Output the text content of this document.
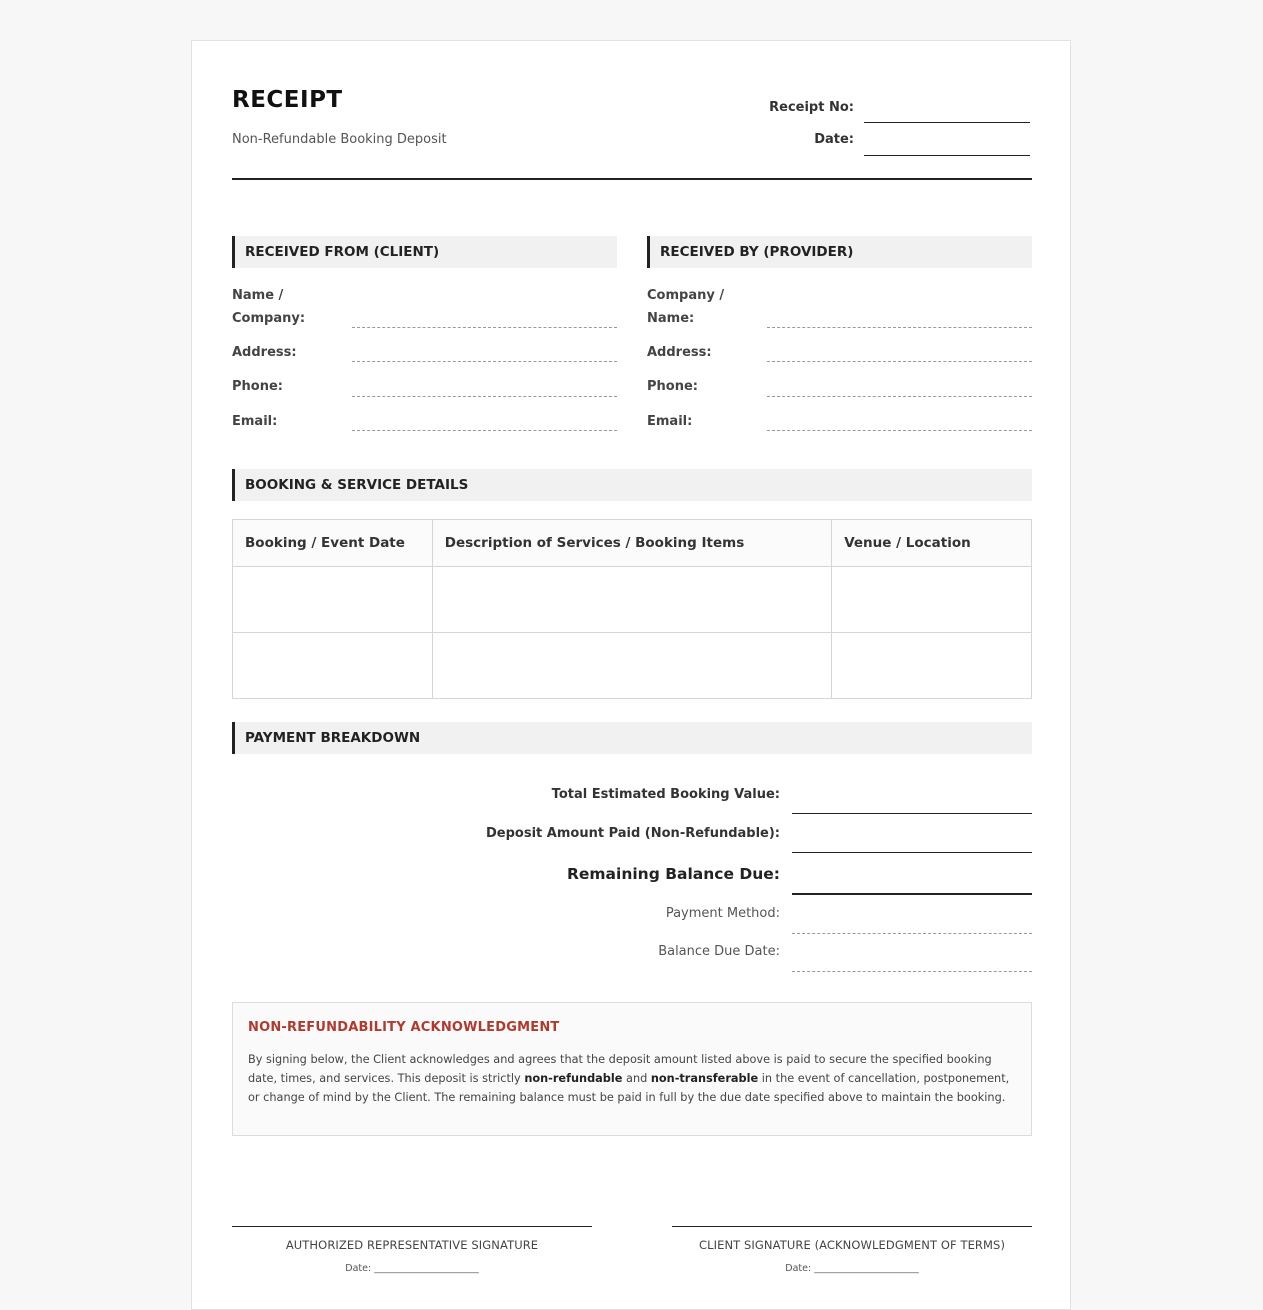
RECEIPT
Non-Refundable Booking Deposit
Receipt No:
Date:
RECEIVED FROM (CLIENT)
Name / Company:
Address:
Phone:
Email:
RECEIVED BY (PROVIDER)
Company / Name:
Address:
Phone:
Email:
BOOKING & SERVICE DETAILS
Booking / Event Date	Description of Services / Booking Items	Venue / Location

PAYMENT BREAKDOWN
Total Estimated Booking Value:
Deposit Amount Paid (Non-Refundable):
Remaining Balance Due:
Payment Method:
Balance Due Date:
NON-REFUNDABILITY ACKNOWLEDGMENT
By signing below, the Client acknowledges and agrees that the deposit amount listed above is paid to secure the specified booking date, times, and services. This deposit is strictly non-refundable and non-transferable in the event of cancellation, postponement, or change of mind by the Client. The remaining balance must be paid in full by the due date specified above to maintain the booking.
AUTHORIZED REPRESENTATIVE SIGNATURE
Date: ______________________
CLIENT SIGNATURE (ACKNOWLEDGMENT OF TERMS)
Date: ______________________
